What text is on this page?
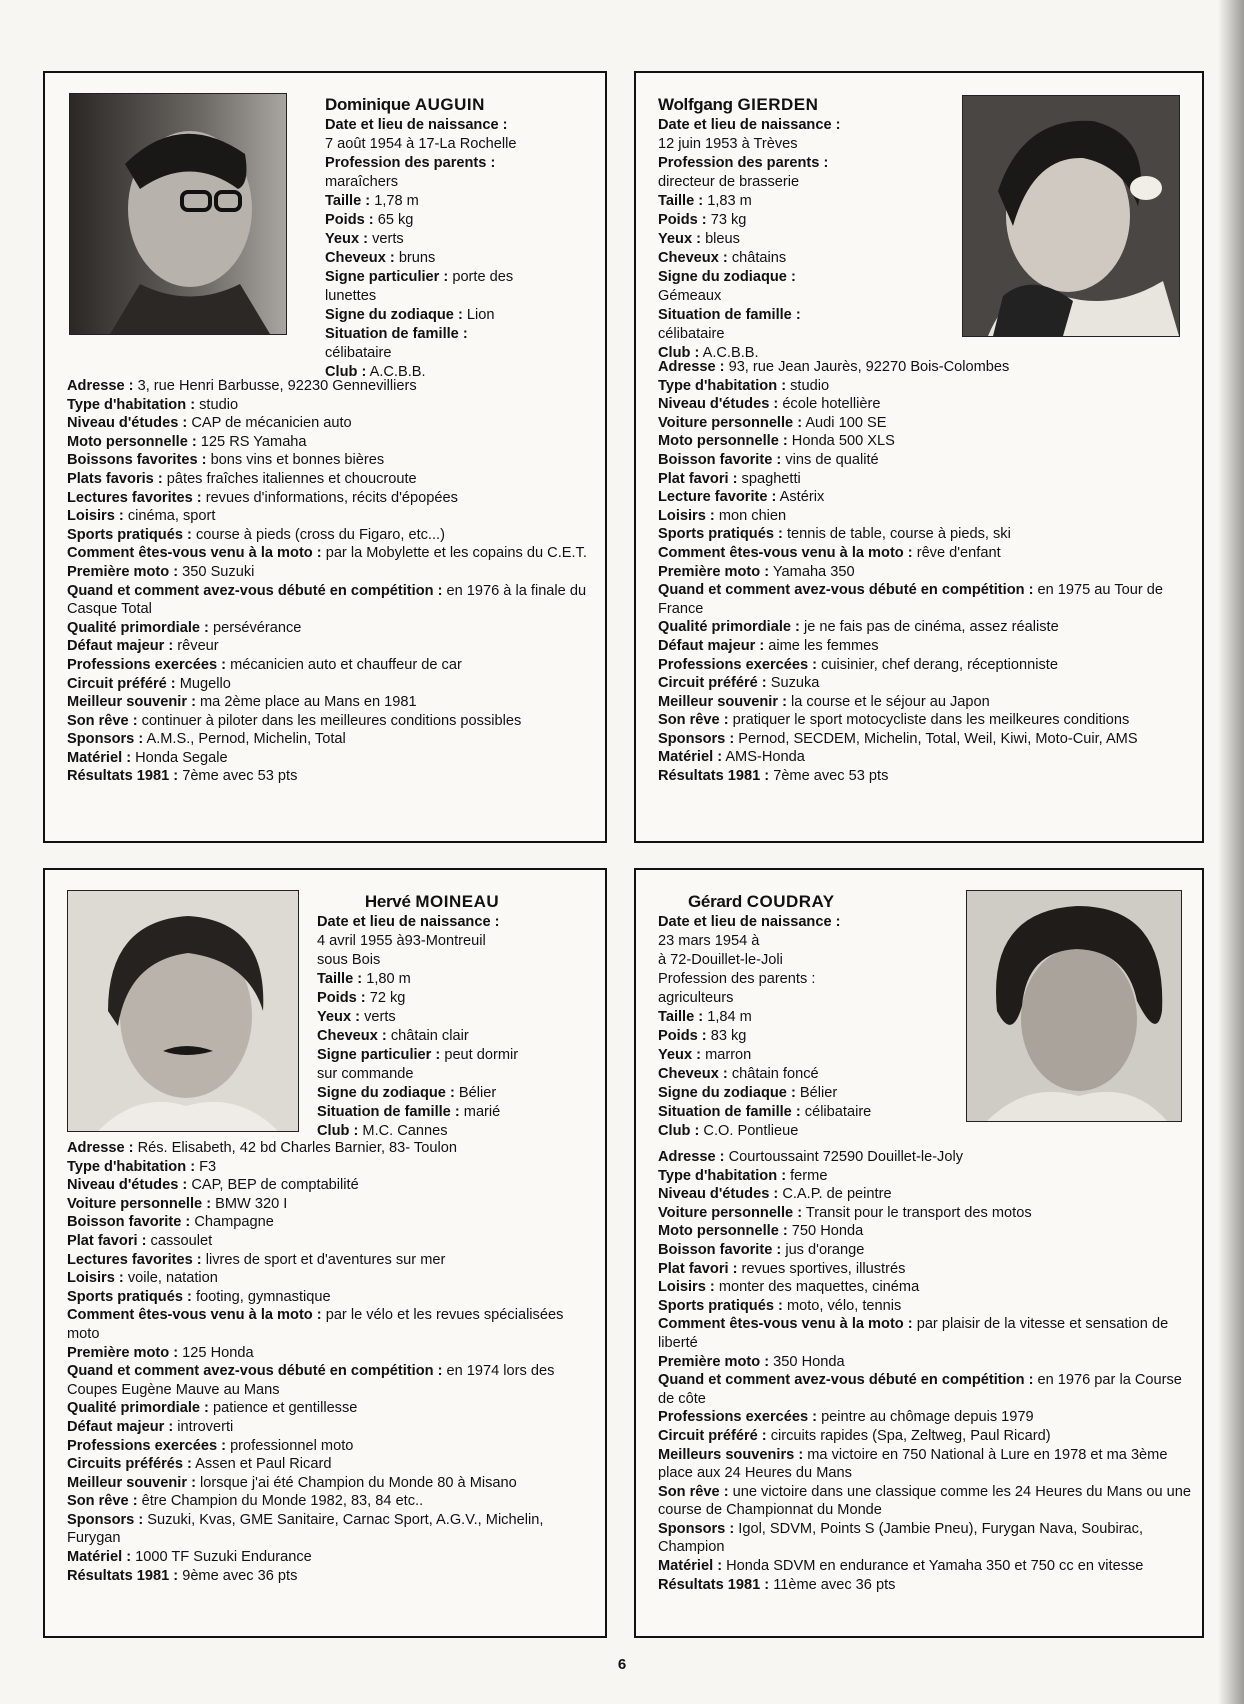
Dominique AUGUIN
Date et lieu de naissance :
7 août 1954 à 17-La Rochelle
Profession des parents :
maraîchers
Taille : 1,78 m
Poids : 65 kg
Yeux : verts
Cheveux : bruns
Signe particulier : porte des
lunettes
Signe du zodiaque : Lion
Situation de famille :
célibataire
Club : A.C.B.B.
Adresse : 3, rue Henri Barbusse, 92230 Gennevilliers
Type d'habitation : studio
Niveau d'études : CAP de mécanicien auto
Moto personnelle : 125 RS Yamaha
Boissons favorites : bons vins et bonnes bières
Plats favoris : pâtes fraîches italiennes et choucroute
Lectures favorites : revues d'informations, récits d'épopées
Loisirs : cinéma, sport
Sports pratiqués : course à pieds (cross du Figaro, etc...)
Comment êtes-vous venu à la moto : par la Mobylette et les copains du C.E.T.
Première moto : 350 Suzuki
Quand et comment avez-vous débuté en compétition : en 1976 à la finale du Casque Total
Qualité primordiale : persévérance
Défaut majeur : rêveur
Professions exercées : mécanicien auto et chauffeur de car
Circuit préféré : Mugello
Meilleur souvenir : ma 2ème place au Mans en 1981
Son rêve : continuer à piloter dans les meilleures conditions possibles
Sponsors : A.M.S., Pernod, Michelin, Total
Matériel : Honda Segale
Résultats 1981 : 7ème avec 53 pts
Wolfgang GIERDEN
Date et lieu de naissance :
12 juin 1953 à Trèves
Profession des parents :
directeur de brasserie
Taille : 1,83 m
Poids : 73 kg
Yeux : bleus
Cheveux : châtains
Signe du zodiaque :
Gémeaux
Situation de famille :
célibataire
Club : A.C.B.B.
Adresse : 93, rue Jean Jaurès, 92270 Bois-Colombes
Type d'habitation : studio
Niveau d'études : école hotellière
Voiture personnelle : Audi 100 SE
Moto personnelle : Honda 500 XLS
Boisson favorite : vins de qualité
Plat favori : spaghetti
Lecture favorite : Astérix
Loisirs : mon chien
Sports pratiqués : tennis de table, course à pieds, ski
Comment êtes-vous venu à la moto : rêve d'enfant
Première moto : Yamaha 350
Quand et comment avez-vous débuté en compétition : en 1975 au Tour de France
Qualité primordiale : je ne fais pas de cinéma, assez réaliste
Défaut majeur : aime les femmes
Professions exercées : cuisinier, chef derang, réceptionniste
Circuit préféré : Suzuka
Meilleur souvenir : la course et le séjour au Japon
Son rêve : pratiquer le sport motocycliste dans les meilkeures conditions
Sponsors : Pernod, SECDEM, Michelin, Total, Weil, Kiwi, Moto-Cuir, AMS
Matériel : AMS-Honda
Résultats 1981 : 7ème avec 53 pts
Hervé MOINEAU
Date et lieu de naissance :
4 avril 1955 à93-Montreuil
sous Bois
Taille : 1,80 m
Poids : 72 kg
Yeux : verts
Cheveux : châtain clair
Signe particulier : peut dormir
sur commande
Signe du zodiaque : Bélier
Situation de famille : marié
Club : M.C. Cannes
Adresse : Rés. Elisabeth, 42 bd Charles Barnier, 83- Toulon
Type d'habitation : F3
Niveau d'études : CAP, BEP de comptabilité
Voiture personnelle : BMW 320 I
Boisson favorite : Champagne
Plat favori : cassoulet
Lectures favorites : livres de sport et d'aventures sur mer
Loisirs : voile, natation
Sports pratiqués : footing, gymnastique
Comment êtes-vous venu à la moto : par le vélo et les revues spécialisées moto
Première moto : 125 Honda
Quand et comment avez-vous débuté en compétition : en 1974 lors des Coupes Eugène Mauve au Mans
Qualité primordiale : patience et gentillesse
Défaut majeur : introverti
Professions exercées : professionnel moto
Circuits préférés : Assen et Paul Ricard
Meilleur souvenir : lorsque j'ai été Champion du Monde 80 à Misano
Son rêve : être Champion du Monde 1982, 83, 84 etc..
Sponsors : Suzuki, Kvas, GME Sanitaire, Carnac Sport, A.G.V., Michelin, Furygan
Matériel : 1000 TF Suzuki Endurance
Résultats 1981 : 9ème avec 36 pts
Gérard COUDRAY
Date et lieu de naissance :
23 mars 1954 à
à 72-Douillet-le-Joli
Profession des parents :
agriculteurs
Taille : 1,84 m
Poids : 83 kg
Yeux : marron
Cheveux : châtain foncé
Signe du zodiaque : Bélier
Situation de famille : célibataire
Club : C.O. Pontlieue
Adresse : Courtoussaint 72590 Douillet-le-Joly
Type d'habitation : ferme
Niveau d'études : C.A.P. de peintre
Voiture personnelle : Transit pour le transport des motos
Moto personnelle : 750 Honda
Boisson favorite : jus d'orange
Plat favori : revues sportives, illustrés
Loisirs : monter des maquettes, cinéma
Sports pratiqués : moto, vélo, tennis
Comment êtes-vous venu à la moto : par plaisir de la vitesse et sensation de liberté
Première moto : 350 Honda
Quand et comment avez-vous débuté en compétition : en 1976 par la Course de côte
Professions exercées : peintre au chômage depuis 1979
Circuit préféré : circuits rapides (Spa, Zeltweg, Paul Ricard)
Meilleurs souvenirs : ma victoire en 750 National à Lure en 1978 et ma 3ème place aux 24 Heures du Mans
Son rêve : une victoire dans une classique comme les 24 Heures du Mans ou une course de Championnat du Monde
Sponsors : Igol, SDVM, Points S (Jambie Pneu), Furygan Nava, Soubirac, Champion
Matériel : Honda SDVM en endurance et Yamaha 350 et 750 cc en vitesse
Résultats 1981 : 11ème avec 36 pts
6
